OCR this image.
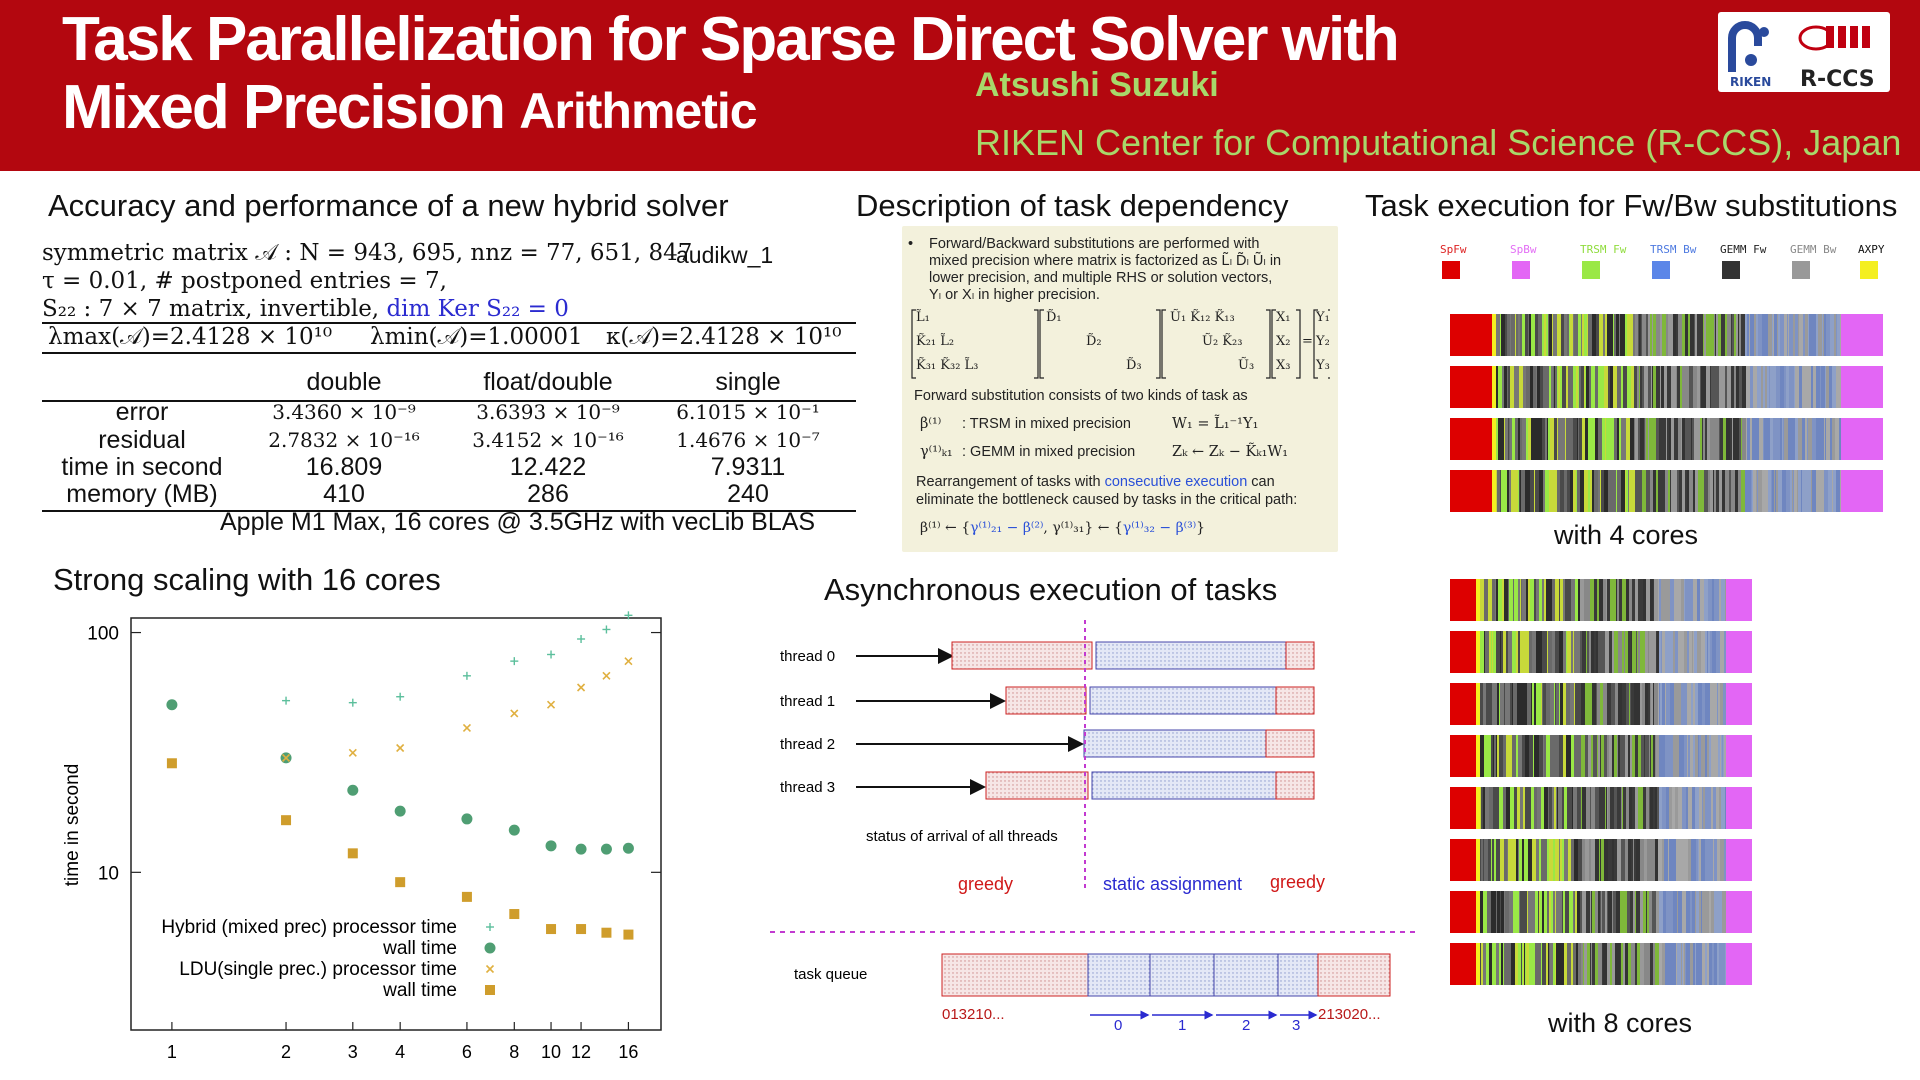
Task Parallelization for Sparse Direct Solver with
Mixed Precision Arithmetic	Atsushi Suzuki
RIKEN Center for Computational Science (R-CCS), Japan
RIKEN R-CCS
Accuracy and performance of a new hybrid solver
symmetric matrix 𝒜 : N = 943, 695, nnz = 77, 651, 847
audikw_1
τ = 0.01, # postponed entries = 7,
S₂₂ : 7 × 7 matrix, invertible, dim Ker S₂₂ = 0
λmax(𝒜)=2.4128 × 10¹⁰ λmin(𝒜)=1.00001 κ(𝒜)=2.4128 × 10¹⁰
double	float/double	single
error	3.4360 × 10⁻⁹	3.6393 × 10⁻⁹	6.1015 × 10⁻¹
residual	2.7832 × 10⁻¹⁶	3.4152 × 10⁻¹⁶	1.4676 × 10⁻⁷
time in second	16.809	12.422	7.9311
memory (MB)	410	286	240
Apple M1 Max, 16 cores @ 3.5GHz with vecLib BLAS
Strong scaling with 16 cores
time in second
1	2	3 4	6 8 10 12 16
10
100
Hybrid (mixed prec) processor time
wall time
LDU(single prec.) processor time
wall time
Description of task dependency
• Forward/Backward substitutions are performed with
mixed precision where matrix is factorized as L̃ₗ D̃ₗ Ũₗ in
lower precision, and multiple RHS or solution vectors,
Yₗ or Xₗ in higher precision.
L̃₁
K̃₂₁ L̃₂
K̃₃₁ K̃₃₂ L̃₃
D̃₁
D̃₂
D̃₃
Ũ₁ K̃₁₂ K̃₁₃
Ũ₂ K̃₂₃
Ũ₃
X₁
X₂
X₃
=
Y₁
Y₂
Y₃
Forward substitution consists of two kinds of task as
β⁽¹⁾ : TRSM in mixed precision	W₁ = L̃₁⁻¹Y₁
γ⁽¹⁾ₖ₁ : GEMM in mixed precision	Zₖ ← Zₖ − K̃ₖ₁W₁
Rearrangement of tasks with consecutive execution can
eliminate the bottleneck caused by tasks in the critical path:
β⁽¹⁾ ← {γ⁽¹⁾₂₁ − β⁽²⁾, γ⁽¹⁾₃₁} ← {γ⁽¹⁾₃₂ − β⁽³⁾}
Asynchronous execution of tasks
thread 0
thread 1
thread 2
thread 3
status of arrival of all threads
greedy	static assignment greedy
task queue
013210...	213020...
0	1	2	3
Task execution for Fw/Bw substitutions
SpFw	SpBw	TRSM Fw TRSM Bw GEMM Fw GEMM Bw AXPY
with 4 cores
with 8 cores
